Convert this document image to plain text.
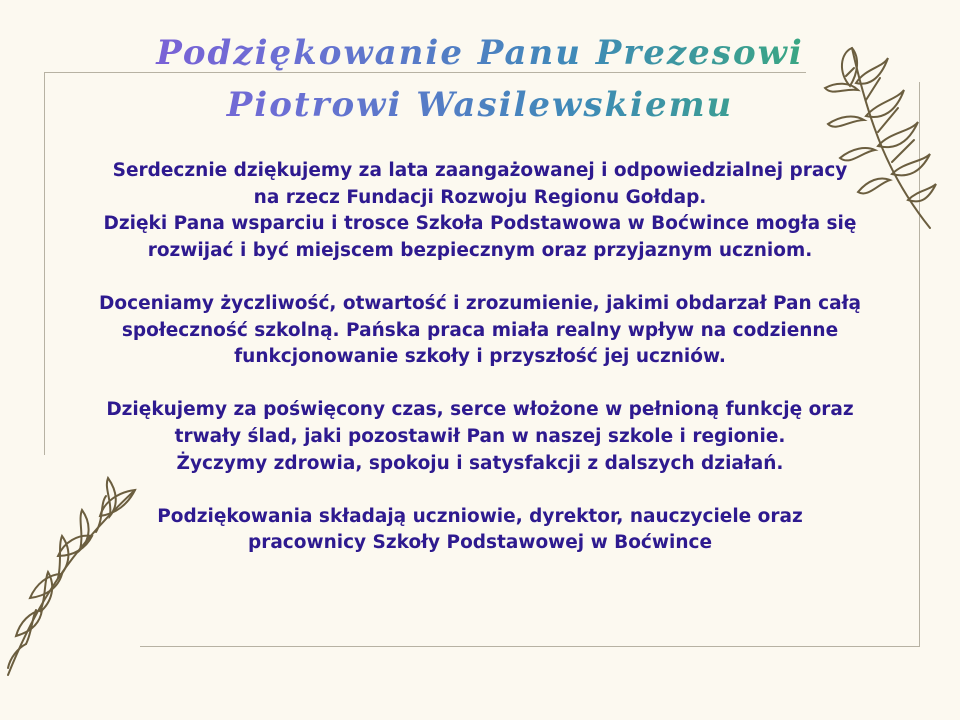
Podziękowanie Panu Prezesowi
Piotrowi Wasilewskiemu
Serdecznie dziękujemy za lata zaangażowanej i odpowiedzialnej pracy
na rzecz Fundacji Rozwoju Regionu Gołdap.
Dzięki Pana wsparciu i trosce Szkoła Podstawowa w Boćwince mogła się
rozwijać i być miejscem bezpiecznym oraz przyjaznym uczniom.
Doceniamy życzliwość, otwartość i zrozumienie, jakimi obdarzał Pan całą
społeczność szkolną. Pańska praca miała realny wpływ na codzienne
funkcjonowanie szkoły i przyszłość jej uczniów.
Dziękujemy za poświęcony czas, serce włożone w pełnioną funkcję oraz
trwały ślad, jaki pozostawił Pan w naszej szkole i regionie.
Życzymy zdrowia, spokoju i satysfakcji z dalszych działań.
Podziękowania składają uczniowie, dyrektor, nauczyciele oraz
pracownicy Szkoły Podstawowej w Boćwince
